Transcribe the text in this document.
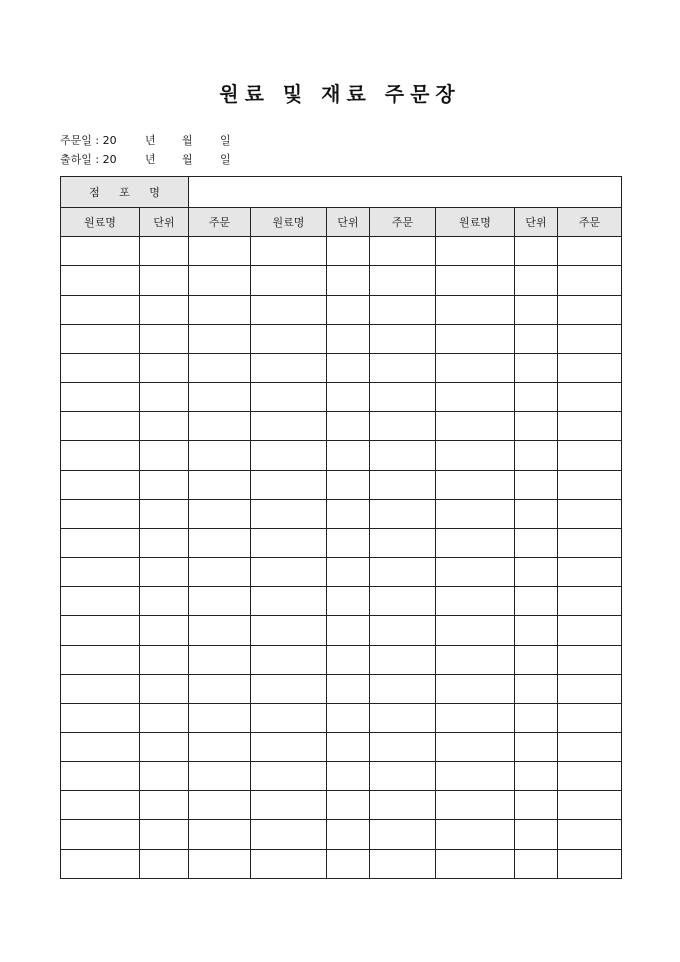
원료 및 재료 주문장
주문일 : 20	년 월 일
출하일 : 20	년 월 일
점 포 명								
원료명	단위	주문	원료명	단위	주문	원료명	단위	주문
